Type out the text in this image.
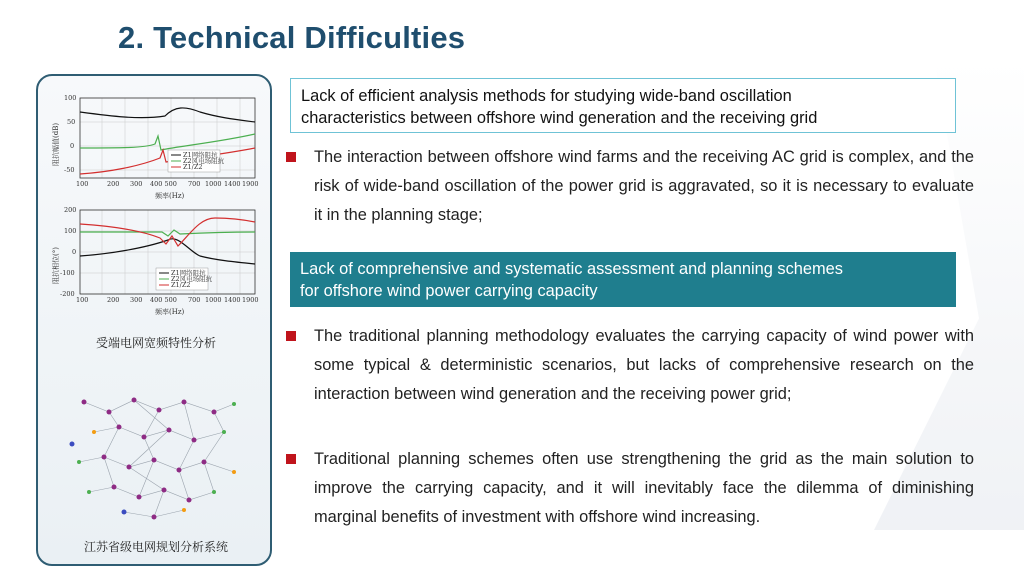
2. Technical Difficulties
Z1网络阻抗
Z2风电场阻抗
Z1/Z2
100
50
0
-50
100	200 300 400 500 700 1000 1400 1900
频率(Hz)
阻抗幅值(dB)
Z1网络阻抗
Z2风电场阻抗
Z1/Z2
200
100
0
-100
-200
100	200 300 400 500 700 1000 1400 1900
频率(Hz)
阻抗相位(°)
受端电网宽频特性分析
江苏省级电网规划分析系统
Lack of efficient analysis methods for studying wide-band oscillation
characteristics between offshore wind generation and the receiving grid
The interaction between offshore wind farms and the receiving AC grid is complex, and the risk of wide-band oscillation of the power grid is aggravated, so it is necessary to evaluate it in the planning stage;
Lack of comprehensive and systematic assessment and planning schemes
for offshore wind power carrying capacity
The traditional planning methodology evaluates the carrying capacity of wind power with some typical & deterministic scenarios, but lacks of comprehensive research on the interaction between wind generation and the receiving power grid;
Traditional planning schemes often use strengthening the grid as the main solution to improve the carrying capacity, and it will inevitably face the dilemma of diminishing marginal benefits of investment with offshore wind increasing.
